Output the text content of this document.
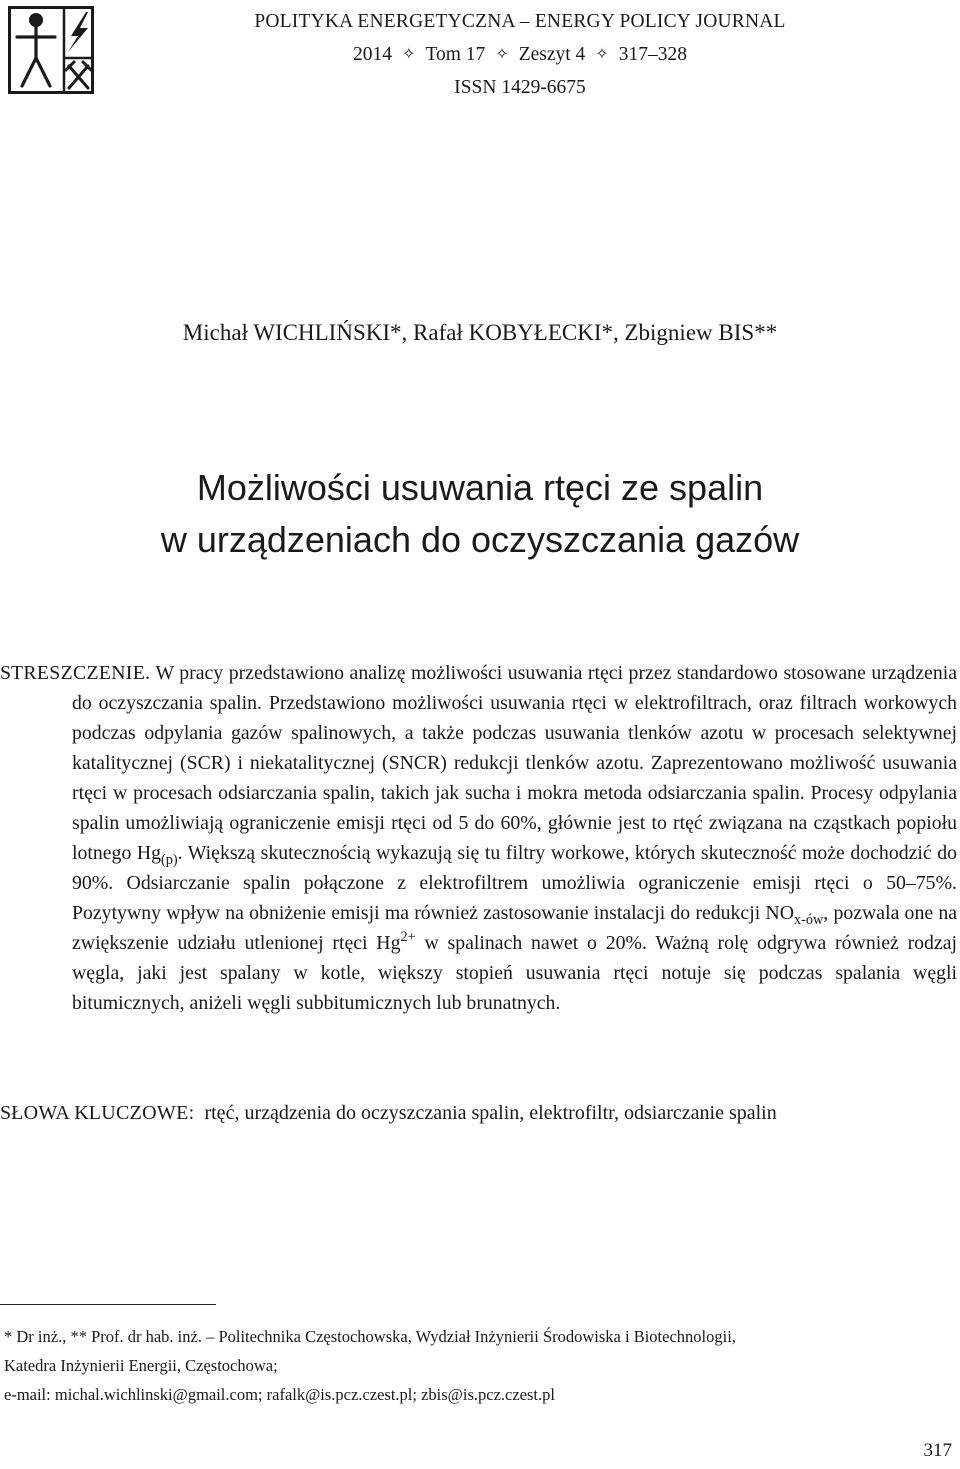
POLITYKA ENERGETYCZNA – ENERGY POLICY JOURNAL
2014 ✧ Tom 17 ✧ Zeszyt 4 ✧ 317–328
ISSN 1429-6675
Michał WICHLIŃSKI*, Rafał KOBYŁECKI*, Zbigniew BIS**
Możliwości usuwania rtęci ze spalin
w urządzeniach do oczyszczania gazów

STRESZCZENIE. W pracy przedstawiono analizę możliwości usuwania rtęci przez standardowo stosowane urządzenia do oczyszczania spalin. Przedstawiono możliwości usuwania rtęci w elektrofiltrach, oraz filtrach workowych podczas odpylania gazów spalinowych, a także podczas usuwania tlenków azotu w procesach selektywnej katalitycznej (SCR) i niekatalitycznej (SNCR) redukcji tlenków azotu. Zaprezentowano możliwość usuwania rtęci w procesach odsiarczania spalin, takich jak sucha i mokra metoda odsiarczania spalin. Procesy odpylania spalin umożliwiają ograniczenie emisji rtęci od 5 do 60%, głównie jest to rtęć związana na cząstkach popiołu lotnego $Hg_{(p)}$. Większą skutecznością wykazują się tu filtry workowe, których skuteczność może dochodzić do 90%. Odsiarczanie spalin połączone z elektrofiltrem umożliwia ograniczenie emisji rtęci o 50–75%. Pozytywny wpływ na obniżenie emisji ma również zastosowanie instalacji do redukcji $NO_{x-ów}$, pozwala one na zwiększenie udziału utlenionej rtęci $Hg^{2+}$ w spalinach nawet o 20%. Ważną rolę odgrywa również rodzaj węgla, jaki jest spalany w kotle, większy stopień usuwania rtęci notuje się podczas spalania węgli bitumicznych, aniżeli węgli subbitumicznych lub brunatnych.

SŁOWA KLUCZOWE: rtęć, urządzenia do oczyszczania spalin, elektrofiltr, odsiarczanie spalin
* Dr inż., ** Prof. dr hab. inż. – Politechnika Częstochowska, Wydział Inżynierii Środowiska i Biotechnologii,
Katedra Inżynierii Energii, Częstochowa;
e-mail: michal.wichlinski@gmail.com; rafalk@is.pcz.czest.pl; zbis@is.pcz.czest.pl
317
